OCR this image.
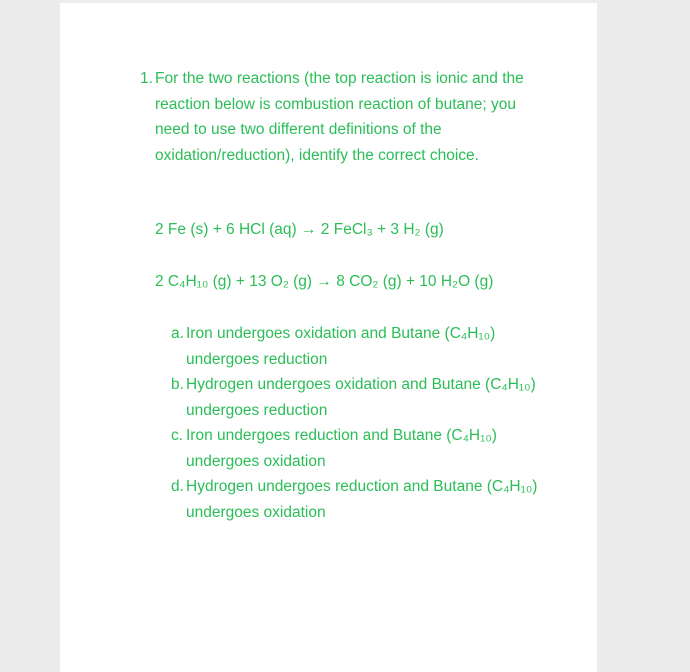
1. For the two reactions (the top reaction is ionic and the reaction below is combustion reaction of butane; you need to use two different definitions of the oxidation/reduction), identify the correct choice.
2 Fe (s) + 6 HCl (aq) → 2 FeCl₃ + 3 H₂ (g)
2 C₄H₁₀ (g) + 13 O₂ (g) → 8 CO₂ (g) + 10 H₂O (g)
a. Iron undergoes oxidation and Butane (C₄H₁₀) undergoes reduction
b. Hydrogen undergoes oxidation and Butane (C₄H₁₀) undergoes reduction
c. Iron undergoes reduction and Butane (C₄H₁₀) undergoes oxidation
d. Hydrogen undergoes reduction and Butane (C₄H₁₀) undergoes oxidation
